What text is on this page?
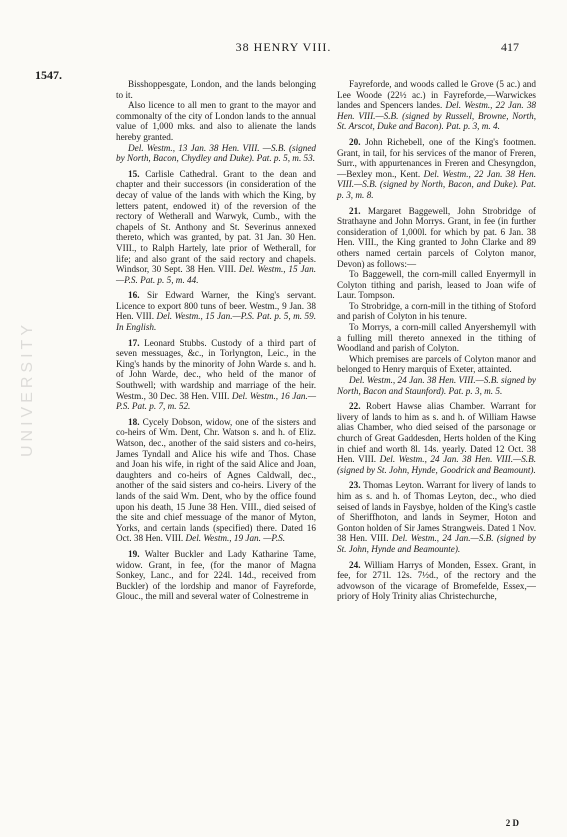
38 HENRY VIII.	417
1547.
UNIVERSITY

Bisshoppesgate, London, and the lands belonging to it.

Also licence to all men to grant to the mayor and commonalty of the city of London lands to the annual value of 1,000 mks. and also to alienate the lands hereby granted.

Del. Westm., 13 Jan. 38 Hen. VIII. —S.B. (signed by North, Bacon, Chydley and Duke). Pat. p. 5, m. 53.

15. Carlisle Cathedral. Grant to the dean and chapter and their successors (in consideration of the decay of value of the lands with which the King, by letters patent, endowed it) of the reversion of the rectory of Wetherall and Warwyk, Cumb., with the chapels of St. Anthony and St. Severinus annexed thereto, which was granted, by pat. 31 Jan. 30 Hen. VIII., to Ralph Hartely, late prior of Wetherall, for life; and also grant of the said rectory and chapels. Windsor, 30 Sept. 38 Hen. VIII. Del. Westm., 15 Jan.—P.S. Pat. p. 5, m. 44.

16. Sir Edward Warner, the King's servant. Licence to export 800 tuns of beer. Westm., 9 Jan. 38 Hen. VIII. Del. Westm., 15 Jan.—P.S. Pat. p. 5, m. 59. In English.

17. Leonard Stubbs. Custody of a third part of seven messuages, &c., in Torlyngton, Leic., in the King's hands by the minority of John Warde s. and h. of John Warde, dec., who held of the manor of Southwell; with wardship and marriage of the heir. Westm., 30 Dec. 38 Hen. VIII. Del. Westm., 16 Jan.—P.S. Pat. p. 7, m. 52.

18. Cycely Dobson, widow, one of the sisters and co-heirs of Wm. Dent, Chr. Watson s. and h. of Eliz. Watson, dec., another of the said sisters and co-heirs, James Tyndall and Alice his wife and Thos. Chase and Joan his wife, in right of the said Alice and Joan, daughters and co-heirs of Agnes Caldwall, dec., another of the said sisters and co-heirs. Livery of the lands of the said Wm. Dent, who by the office found upon his death, 15 June 38 Hen. VIII., died seised of the site and chief messuage of the manor of Myton, Yorks, and certain lands (specified) there. Dated 16 Oct. 38 Hen. VIII. Del. Westm., 19 Jan. —P.S.

19. Walter Buckler and Lady Katharine Tame, widow. Grant, in fee, (for the manor of Magna Sonkey, Lanc., and for 224l. 14d., received from Buckler) of the lordship and manor of Fayreforde, Glouc., the mill and several water of Colnestreme in

Fayreforde, and woods called le Grove (5 ac.) and Lee Woode (22½ ac.) in Fayreforde,—Warwickes landes and Spencers landes. Del. Westm., 22 Jan. 38 Hen. VIII.—S.B. (signed by Russell, Browne, North, St. Arscot, Duke and Bacon). Pat. p. 3, m. 4.

20. John Richebell, one of the King's footmen. Grant, in tail, for his services of the manor of Freren, Surr., with appurtenances in Freren and Chesyngdon,—Bexley mon., Kent. Del. Westm., 22 Jan. 38 Hen. VIII.—S.B. (signed by North, Bacon, and Duke). Pat. p. 3, m. 8.

21. Margaret Baggewell, John Strobridge of Strathayne and John Morrys. Grant, in fee (in further consideration of 1,000l. for which by pat. 6 Jan. 38 Hen. VIII., the King granted to John Clarke and 89 others named certain parcels of Colyton manor, Devon) as follows:—

To Baggewell, the corn-mill called Enyermyll in Colyton tithing and parish, leased to Joan wife of Laur. Tompson.

To Strobridge, a corn-mill in the tithing of Stoford and parish of Colyton in his tenure.

To Morrys, a corn-mill called Anyershemyll with a fulling mill thereto annexed in the tithing of Woodland and parish of Colyton.

Which premises are parcels of Colyton manor and belonged to Henry marquis of Exeter, attainted.

Del. Westm., 24 Jan. 38 Hen. VIII.—S.B. signed by North, Bacon and Staunford). Pat. p. 3, m. 5.

22. Robert Hawse alias Chamber. Warrant for livery of lands to him as s. and h. of William Hawse alias Chamber, who died seised of the parsonage or church of Great Gaddesden, Herts holden of the King in chief and worth 8l. 14s. yearly. Dated 12 Oct. 38 Hen. VIII. Del. Westm., 24 Jan. 38 Hen. VIII.—S.B. (signed by St. John, Hynde, Goodrick and Beamount).

23. Thomas Leyton. Warrant for livery of lands to him as s. and h. of Thomas Leyton, dec., who died seised of lands in Faysbye, holden of the King's castle of Sheriffhoton, and lands in Seymer, Hoton and Gonton holden of Sir James Strangweis. Dated 1 Nov. 38 Hen. VIII. Del. Westm., 24 Jan.—S.B. (signed by St. John, Hynde and Beamounte).

24. William Harrys of Monden, Essex. Grant, in fee, for 271l. 12s. 7½d., of the rectory and the advowson of the vicarage of Bromefelde, Essex,—priory of Holy Trinity alias Christechurche,

2 D
